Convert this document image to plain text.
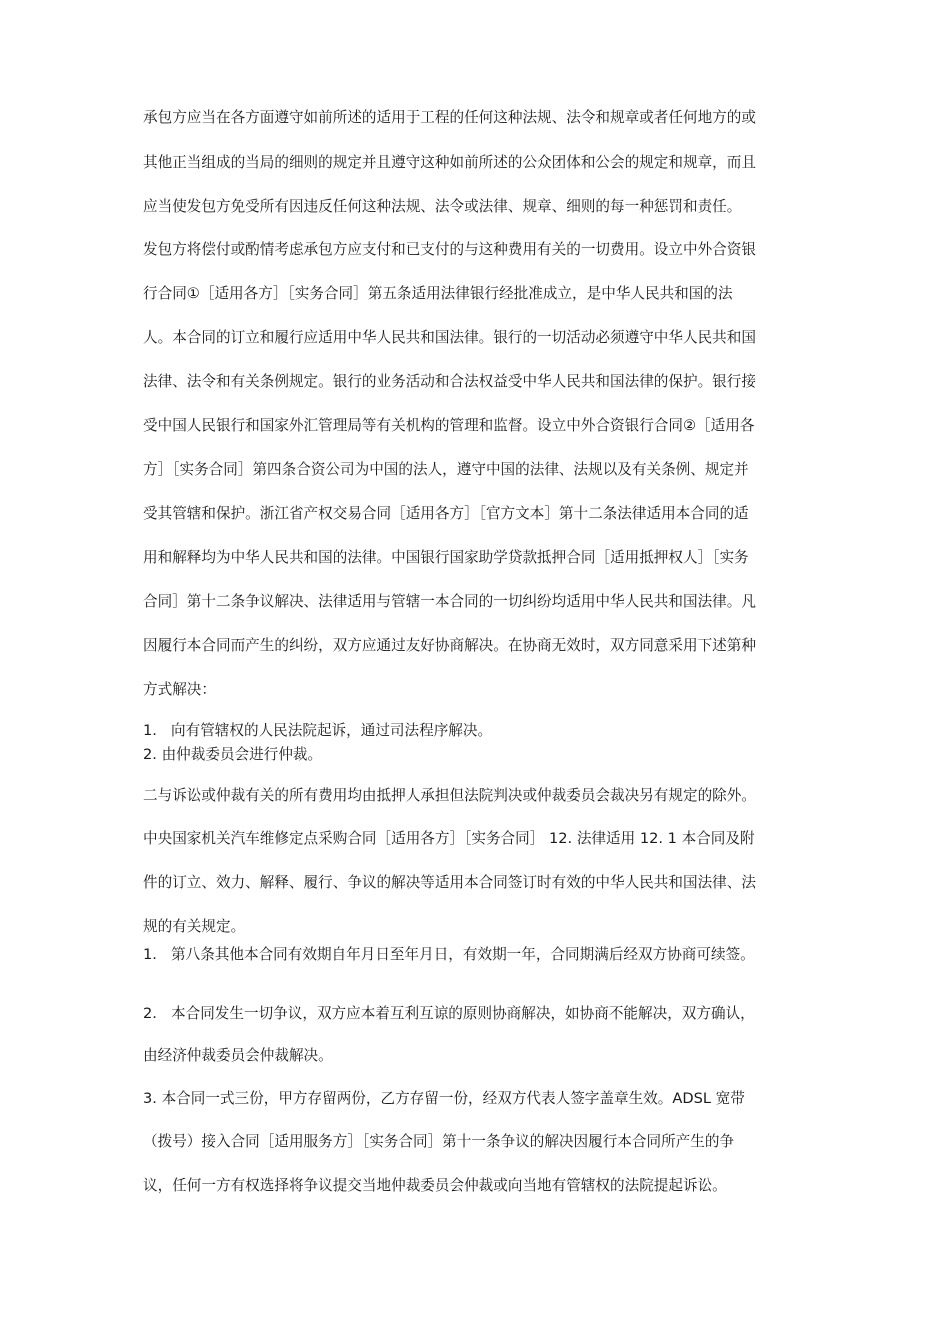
承包方应当在各方面遵守如前所述的适用于工程的任何这种法规、法令和规章或者任何地方的或
其他正当组成的当局的细则的规定并且遵守这种如前所述的公众团体和公会的规定和规章，而且
应当使发包方免受所有因违反任何这种法规、法令或法律、规章、细则的每一种惩罚和责任。
发包方将偿付或酌情考虑承包方应支付和已支付的与这种费用有关的一切费用。设立中外合资银
行合同①［适用各方］［实务合同］第五条适用法律银行经批准成立，是中华人民共和国的法
人。本合同的订立和履行应适用中华人民共和国法律。银行的一切活动必须遵守中华人民共和国
法律、法令和有关条例规定。银行的业务活动和合法权益受中华人民共和国法律的保护。银行接
受中国人民银行和国家外汇管理局等有关机构的管理和监督。设立中外合资银行合同②［适用各
方］［实务合同］第四条合资公司为中国的法人，遵守中国的法律、法规以及有关条例、规定并
受其管辖和保护。浙江省产权交易合同［适用各方］［官方文本］第十二条法律适用本合同的适
用和解释均为中华人民共和国的法律。中国银行国家助学贷款抵押合同［适用抵押权人］［实务
合同］第十二条争议解决、法律适用与管辖一本合同的一切纠纷均适用中华人民共和国法律。凡
因履行本合同而产生的纠纷，双方应通过友好协商解决。在协商无效时，双方同意采用下述第种
方式解决：
1. 向有管辖权的人民法院起诉，通过司法程序解决。
2. 由仲裁委员会进行仲裁。
二与诉讼或仲裁有关的所有费用均由抵押人承担但法院判决或仲裁委员会裁决另有规定的除外。
中央国家机关汽车维修定点采购合同［适用各方］［实务合同］ 12. 法律适用 12. 1 本合同及附
件的订立、效力、解释、履行、争议的解决等适用本合同签订时有效的中华人民共和国法律、法
规的有关规定。
1. 第八条其他本合同有效期自年月日至年月日，有效期一年，合同期满后经双方协商可续签。
2. 本合同发生一切争议，双方应本着互利互谅的原则协商解决，如协商不能解决，双方确认，
由经济仲裁委员会仲裁解决。
3. 本合同一式三份，甲方存留两份，乙方存留一份，经双方代表人签字盖章生效。ADSL 宽带
（拨号）接入合同［适用服务方］［实务合同］第十一条争议的解决因履行本合同所产生的争
议，任何一方有权选择将争议提交当地仲裁委员会仲裁或向当地有管辖权的法院提起诉讼。
